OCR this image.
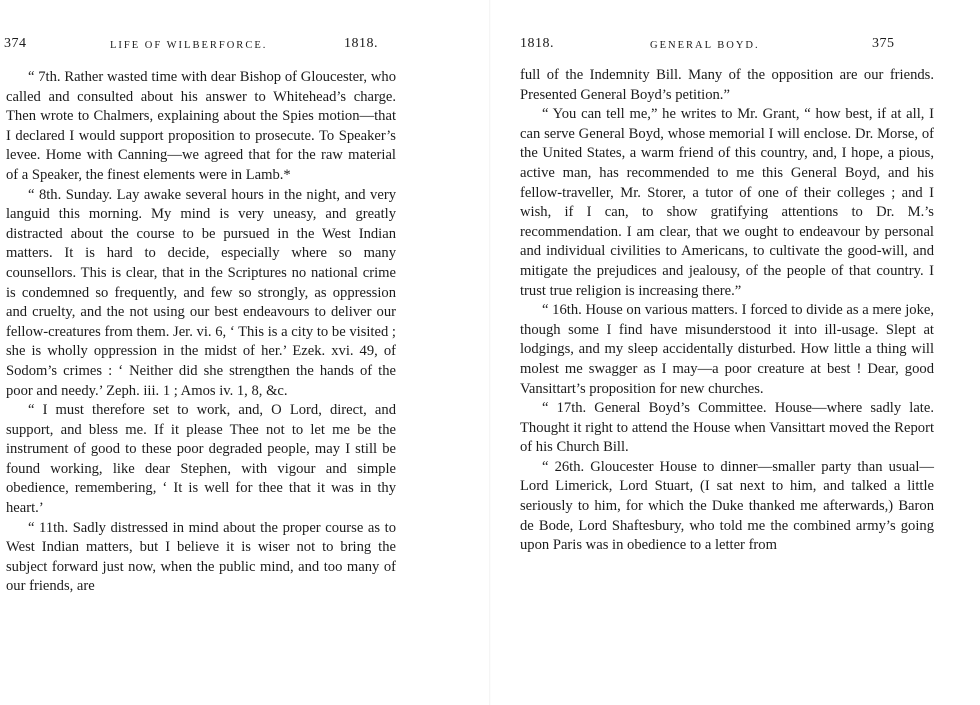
374	LIFE OF WILBERFORCE.	1818.

“ 7th. Rather wasted time with dear Bishop of Gloucester, who called and consulted about his answer to Whitehead’s charge. Then wrote to Chalmers, explaining about the Spies motion—that I declared I would support proposition to prosecute. To Speaker’s levee. Home with Canning—we agreed that for the raw material of a Speaker, the finest elements were in Lamb.*

“ 8th. Sunday. Lay awake several hours in the night, and very languid this morning. My mind is very uneasy, and greatly distracted about the course to be pursued in the West Indian matters. It is hard to decide, especially where so many counsellors. This is clear, that in the Scriptures no national crime is condemned so frequently, and few so strongly, as oppression and cruelty, and the not using our best endeavours to deliver our fellow-creatures from them. Jer. vi. 6, ‘ This is a city to be visited ; she is wholly oppression in the midst of her.’ Ezek. xvi. 49, of Sodom’s crimes : ‘ Neither did she strengthen the hands of the poor and needy.’ Zeph. iii. 1 ; Amos iv. 1, 8, &c.

“ I must therefore set to work, and, O Lord, direct, and support, and bless me. If it please Thee not to let me be the instrument of good to these poor degraded people, may I still be found working, like dear Stephen, with vigour and simple obedience, remembering, ‘ It is well for thee that it was in thy heart.’

“ 11th. Sadly distressed in mind about the proper course as to West Indian matters, but I believe it is wiser not to bring the subject forward just now, when the public mind, and too many of our friends, are

1818.	GENERAL BOYD.	375

full of the Indemnity Bill. Many of the opposition are our friends. Presented General Boyd’s petition.”

“ You can tell me,” he writes to Mr. Grant, “ how best, if at all, I can serve General Boyd, whose memorial I will enclose. Dr. Morse, of the United States, a warm friend of this country, and, I hope, a pious, active man, has recommended to me this General Boyd, and his fellow-traveller, Mr. Storer, a tutor of one of their colleges ; and I wish, if I can, to show gratifying attentions to Dr. M.’s recommendation. I am clear, that we ought to endeavour by personal and individual civilities to Americans, to cultivate the good-will, and mitigate the prejudices and jealousy, of the people of that country. I trust true religion is increasing there.”

“ 16th. House on various matters. I forced to divide as a mere joke, though some I find have misunderstood it into ill-usage. Slept at lodgings, and my sleep accidentally disturbed. How little a thing will molest me swagger as I may—a poor creature at best ! Dear, good Vansittart’s proposition for new churches.

“ 17th. General Boyd’s Committee. House—where sadly late. Thought it right to attend the House when Vansittart moved the Report of his Church Bill.

“ 26th. Gloucester House to dinner—smaller party than usual—Lord Limerick, Lord Stuart, (I sat next to him, and talked a little seriously to him, for which the Duke thanked me afterwards,) Baron de Bode, Lord Shaftesbury, who told me the combined army’s going upon Paris was in obedience to a letter from
